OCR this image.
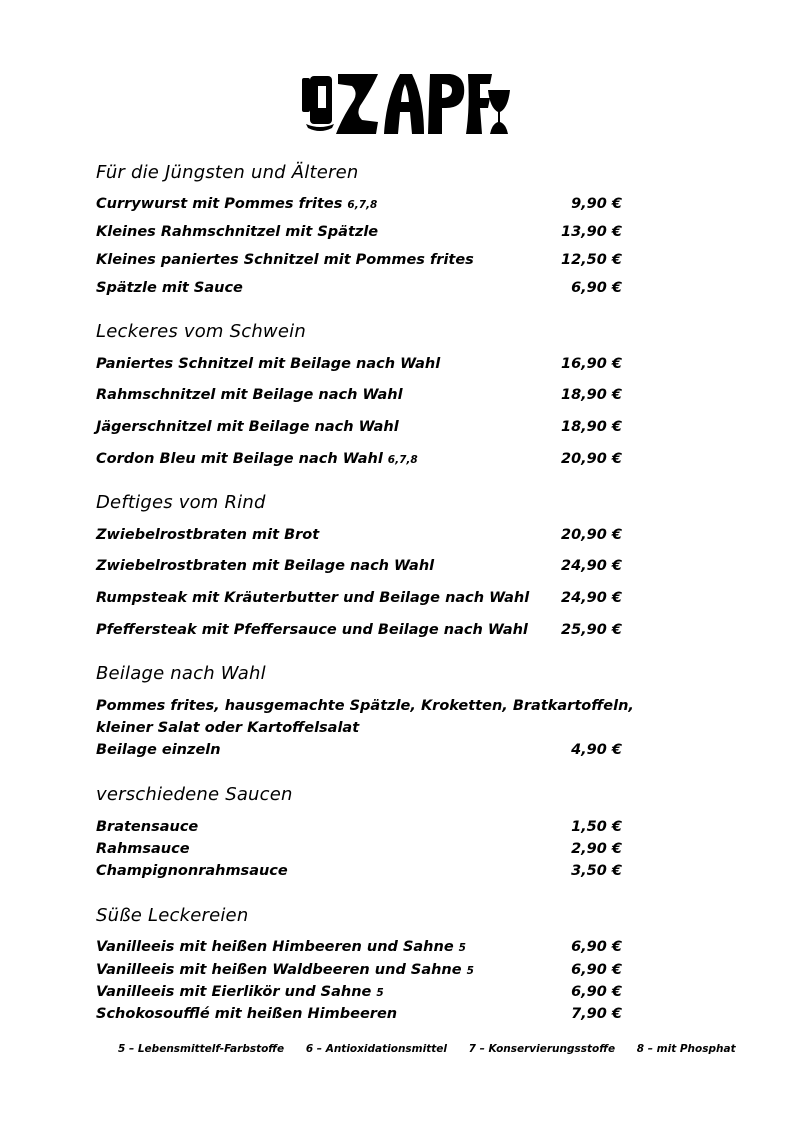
Für die Jüngsten und Älteren
Currywurst mit Pommes frites 6,7,8	9,90 €
Kleines Rahmschnitzel mit Spätzle	13,90 €
Kleines paniertes Schnitzel mit Pommes frites	12,50 €
Spätzle mit Sauce	6,90 €
Leckeres vom Schwein
Paniertes Schnitzel mit Beilage nach Wahl	16,90 €
Rahmschnitzel mit Beilage nach Wahl	18,90 €
Jägerschnitzel mit Beilage nach Wahl	18,90 €
Cordon Bleu mit Beilage nach Wahl 6,7,8	20,90 €
Deftiges vom Rind
Zwiebelrostbraten mit Brot	20,90 €
Zwiebelrostbraten mit Beilage nach Wahl	24,90 €
Rumpsteak mit Kräuterbutter und Beilage nach Wahl 24,90 €
Pfeffersteak mit Pfeffersauce und Beilage nach Wahl 25,90 €
Beilage nach Wahl
Pommes frites, hausgemachte Spätzle, Kroketten, Bratkartoffeln,
kleiner Salat oder Kartoffelsalat
Beilage einzeln	4,90 €
verschiedene Saucen
Bratensauce	1,50 €
Rahmsauce	2,90 €
Champignonrahmsauce	3,50 €
Süße Leckereien
Vanilleeis mit heißen Himbeeren und Sahne 5	6,90 €
Vanilleeis mit heißen Waldbeeren und Sahne 5	6,90 €
Vanilleeis mit Eierlikör und Sahne 5	6,90 €
Schokosoufflé mit heißen Himbeeren	7,90 €
5 – Lebensmittelf-Farbstoffe 6 – Antioxidationsmittel 7 – Konservierungsstoffe 8 – mit Phosphat
